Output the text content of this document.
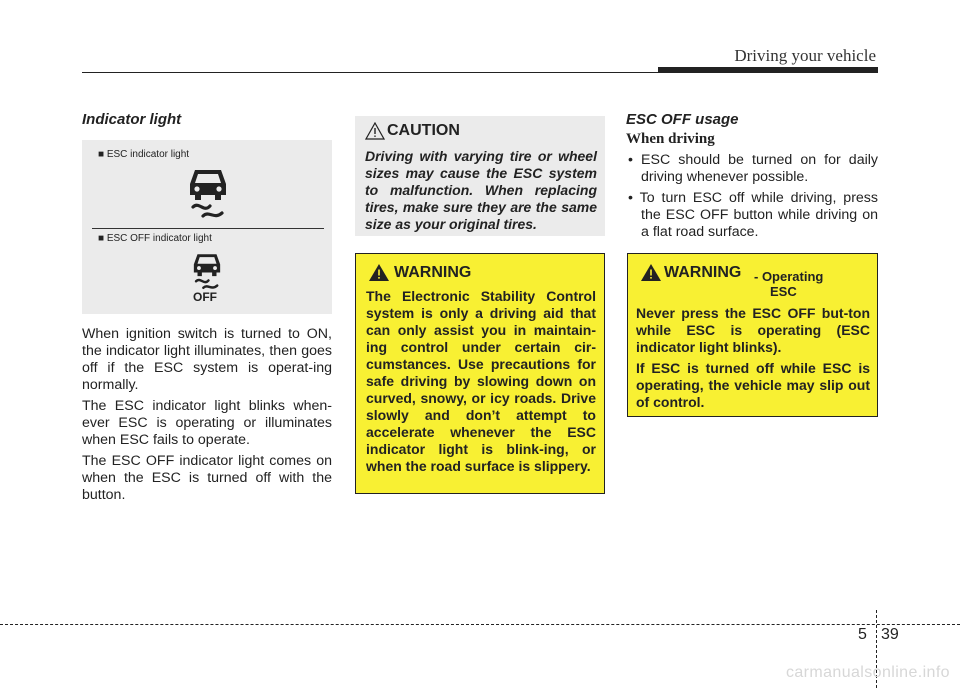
Driving your vehicle
Indicator light
■ ESC indicator light
■ ESC OFF indicator light
OFF

When ignition switch is turned to ON, the indicator light illuminates, then goes off if the ESC system is operat-ing normally.

The ESC indicator light blinks when-ever ESC is operating or illuminates when ESC fails to operate.

The ESC OFF indicator light comes on when the ESC is turned off with the button.

CAUTION
Driving with varying tire or wheel sizes may cause the ESC system to malfunction. When replacing tires, make sure they are the same size as your original tires.
WARNING
The Electronic Stability Control system is only a driving aid that can only assist you in maintain-ing control under certain cir-cumstances. Use precautions for safe driving by slowing down on curved, snowy, or icy roads. Drive slowly and don’t attempt to accelerate whenever the ESC indicator light is blink-ing, or when the road surface is slippery.
ESC OFF usage
When driving

• ESC should be turned on for daily driving whenever possible.

• To turn ESC off while driving, press the ESC OFF button while driving on a flat road surface.

WARNING - Operating
ESC

Never press the ESC OFF but-ton while ESC is operating (ESC indicator light blinks).

If ESC is turned off while ESC is operating, the vehicle may slip out of control.

5 39
carmanualsonline.info
